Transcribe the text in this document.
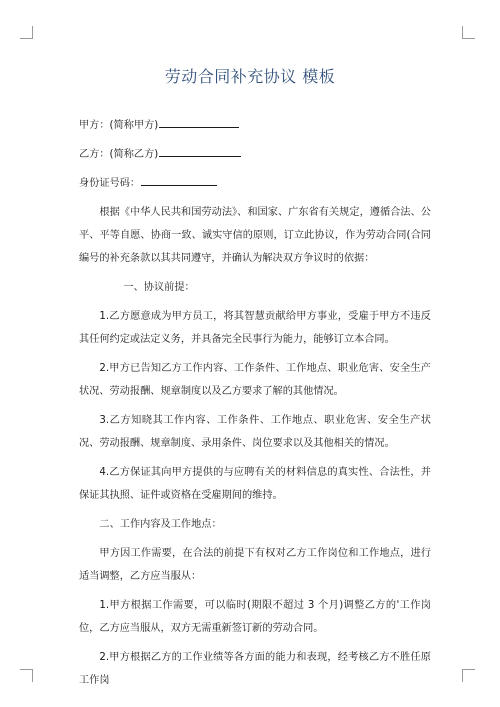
劳动合同补充协议 模板
甲方：(简称甲方)
乙方：(简称乙方)
身份证号码：

根据《中华人民共和国劳动法》、和国家、广东省有关规定，遵循合法、公平、平等自愿、协商一致、诚实守信的原则，订立此协议，作为劳动合同(合同编号的补充条款以其共同遵守，并确认为解决双方争议时的依据：

一、协议前提：

1.乙方愿意成为甲方员工，将其智慧贡献给甲方事业，受雇于甲方不违反其任何约定或法定义务，并具备完全民事行为能力，能够订立本合同。

2.甲方已告知乙方工作内容、工作条件、工作地点、职业危害、安全生产状况、劳动报酬、规章制度以及乙方要求了解的其他情况。

3.乙方知晓其工作内容、工作条件、工作地点、职业危害、安全生产状况、劳动报酬、规章制度、录用条件、岗位要求以及其他相关的情况。

4.乙方保证其向甲方提供的与应聘有关的材料信息的真实性、合法性，并保证其执照、证件或资格在受雇期间的维持。

二、工作内容及工作地点：

甲方因工作需要，在合法的前提下有权对乙方工作岗位和工作地点，进行适当调整，乙方应当服从：

1.甲方根据工作需要，可以临时(期限不超过 3 个月)调整乙方的'工作岗位，乙方应当服从，双方无需重新签订新的劳动合同。

2.甲方根据乙方的工作业绩等各方面的能力和表现，经考核乙方不胜任原工作岗
